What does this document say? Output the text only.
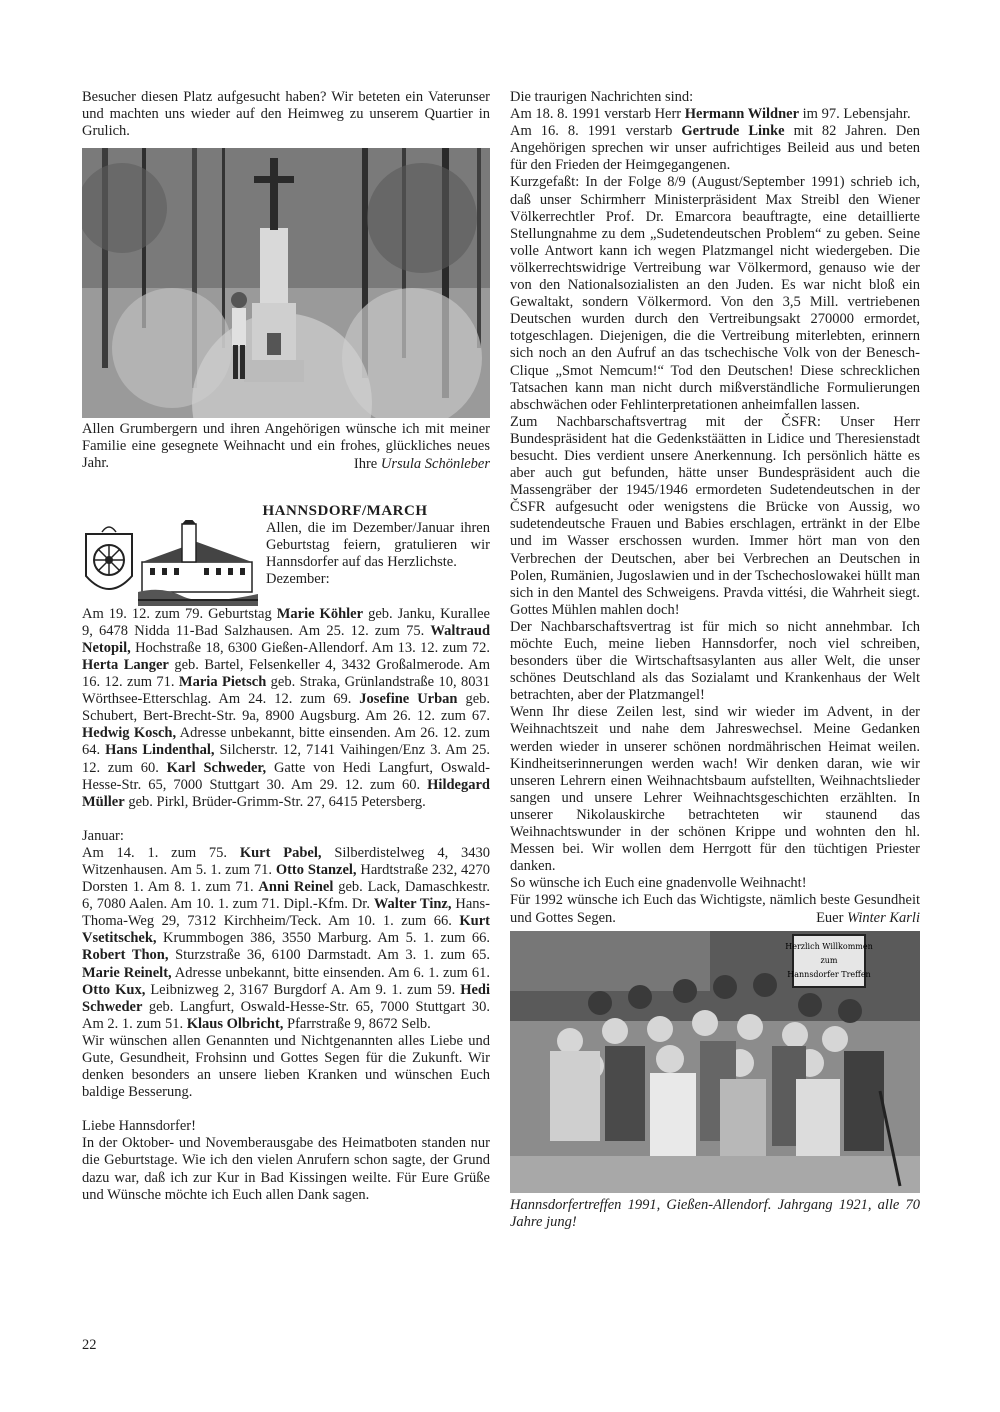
Besucher diesen Platz aufgesucht haben? Wir beteten ein Vaterunser und machten uns wieder auf den Heimweg zu unserem Quartier in Grulich.

Allen Grumbergern und ihren Angehörigen wünsche ich mit meiner Familie eine gesegnete Weihnacht und ein frohes, glückliches neues Jahr.	Ihre Ursula Schönleber

HANNSDORF/MARCH

Allen, die im Dezember/Januar ihren Geburtstag feiern, gratulieren wir Hannsdorfer auf das Herzlichste.

Dezember:

Am 19. 12. zum 79. Geburtstag Marie Köhler geb. Janku, Kurallee 9, 6478 Nidda 11-Bad Salzhausen. Am 25. 12. zum 75. Waltraud Netopil, Hochstraße 18, 6300 Gießen-Allendorf. Am 13. 12. zum 72. Herta Langer geb. Bartel, Felsenkeller 4, 3432 Großalmerode. Am 16. 12. zum 71. Maria Pietsch geb. Straka, Grünlandstraße 10, 8031 Wörthsee-Etterschlag. Am 24. 12. zum 69. Josefine Urban geb. Schubert, Bert-Brecht-Str. 9a, 8900 Augsburg. Am 26. 12. zum 67. Hedwig Kosch, Adresse unbekannt, bitte einsenden. Am 26. 12. zum 64. Hans Lindenthal, Silcherstr. 12, 7141 Vaihingen/Enz 3. Am 25. 12. zum 60. Karl Schweder, Gatte von Hedi Langfurt, Oswald-Hesse-Str. 65, 7000 Stuttgart 30. Am 29. 12. zum 60. Hildegard Müller geb. Pirkl, Brüder-Grimm-Str. 27, 6415 Petersberg.

Januar:

Am 14. 1. zum 75. Kurt Pabel, Silberdistelweg 4, 3430 Witzenhausen. Am 5. 1. zum 71. Otto Stanzel, Hardtstraße 232, 4270 Dorsten 1. Am 8. 1. zum 71. Anni Reinel geb. Lack, Damaschkestr. 6, 7080 Aalen. Am 10. 1. zum 71. Dipl.-Kfm. Dr. Walter Tinz, Hans-Thoma-Weg 29, 7312 Kirchheim/Teck. Am 10. 1. zum 66. Kurt Vsetitschek, Krummbogen 386, 3550 Marburg. Am 5. 1. zum 66. Robert Thon, Sturzstraße 36, 6100 Darmstadt. Am 3. 1. zum 65. Marie Reinelt, Adresse unbekannt, bitte einsenden. Am 6. 1. zum 61. Otto Kux, Leibnizweg 2, 3167 Burgdorf A. Am 9. 1. zum 59. Hedi Schweder geb. Langfurt, Oswald-Hesse-Str. 65, 7000 Stuttgart 30. Am 2. 1. zum 51. Klaus Olbricht, Pfarrstraße 9, 8672 Selb.

Wir wünschen allen Genannten und Nichtgenannten alles Liebe und Gute, Gesundheit, Frohsinn und Gottes Segen für die Zukunft. Wir denken besonders an unsere lieben Kranken und wünschen Euch baldige Besserung.

Liebe Hannsdorfer!

In der Oktober- und Novemberausgabe des Heimatboten standen nur die Geburtstage. Wie ich den vielen Anrufern schon sagte, der Grund dazu war, daß ich zur Kur in Bad Kissingen weilte. Für Eure Grüße und Wünsche möchte ich Euch allen Dank sagen.

Die traurigen Nachrichten sind:

Am 18. 8. 1991 verstarb Herr Hermann Wildner im 97. Lebensjahr.

Am 16. 8. 1991 verstarb Gertrude Linke mit 82 Jahren. Den Angehörigen sprechen wir unser aufrichtiges Beileid aus und beten für den Frieden der Heimgegangenen.

Kurzgefaßt: In der Folge 8/9 (August/September 1991) schrieb ich, daß unser Schirmherr Ministerpräsident Max Streibl den Wiener Völkerrechtler Prof. Dr. Emarcora beauftragte, eine detaillierte Stellungnahme zu dem „Sudetendeutschen Problem“ zu geben. Seine volle Antwort kann ich wegen Platzmangel nicht wiedergeben. Die völkerrechtswidrige Vertreibung war Völkermord, genauso wie der von den Nationalsozialisten an den Juden. Es war nicht bloß ein Gewaltakt, sondern Völkermord. Von den 3,5 Mill. vertriebenen Deutschen wurden durch den Vertreibungsakt 270000 ermordet, totgeschlagen. Diejenigen, die die Vertreibung miterlebten, erinnern sich noch an den Aufruf an das tschechische Volk von der Benesch-Clique „Smot Nemcum!“ Tod den Deutschen! Diese schrecklichen Tatsachen kann man nicht durch mißverständliche Formulierungen abschwächen oder Fehlinterpretationen anheimfallen lassen.

Zum Nachbarschaftsvertrag mit der ČSFR: Unser Herr Bundespräsident hat die Gedenkstäätten in Lidice und Theresienstadt besucht. Dies verdient unsere Anerkennung. Ich persönlich hätte es aber auch gut befunden, hätte unser Bundespräsident auch die Massengräber der 1945/1946 ermordeten Sudetendeutschen in der ČSFR aufgesucht oder wenigstens die Brücke von Aussig, wo sudetendeutsche Frauen und Babies erschlagen, ertränkt in der Elbe und im Wasser erschossen wurden. Immer hört man von den Verbrechen der Deutschen, aber bei Verbrechen an Deutschen in Polen, Rumänien, Jugoslawien und in der Tschechoslowakei hüllt man sich in den Mantel des Schweigens. Pravda vittési, die Wahrheit siegt. Gottes Mühlen mahlen doch!

Der Nachbarschaftsvertrag ist für mich so nicht annehmbar. Ich möchte Euch, meine lieben Hannsdorfer, noch viel schreiben, besonders über die Wirtschaftsasylanten aus aller Welt, die unser schönes Deutschland als das Sozialamt und Krankenhaus der Welt betrachten, aber der Platzmangel!

Wenn Ihr diese Zeilen lest, sind wir wieder im Advent, in der Weihnachtszeit und nahe dem Jahreswechsel. Meine Gedanken werden wieder in unserer schönen nordmährischen Heimat weilen. Kindheitserinnerungen werden wach! Wir denken daran, wie wir unseren Lehrern einen Weihnachtsbaum aufstellten, Weihnachtslieder sangen und unsere Lehrer Weihnachtsgeschichten erzählten. In unserer Nikolauskirche betrachteten wir staunend das Weihnachtswunder in der schönen Krippe und wohnten den hl. Messen bei. Wir wollen dem Herrgott für den tüchtigen Priester danken.

So wünsche ich Euch eine gnadenvolle Weihnacht!

Für 1992 wünsche ich Euch das Wichtigste, nämlich beste Gesundheit und Gottes Segen.	Euer Winter Karli

Herzlich Willkommen
zum
Hannsdorfer Treffen

Hannsdorfertreffen 1991, Gießen-Allendorf. Jahrgang 1921, alle 70 Jahre jung!

22
